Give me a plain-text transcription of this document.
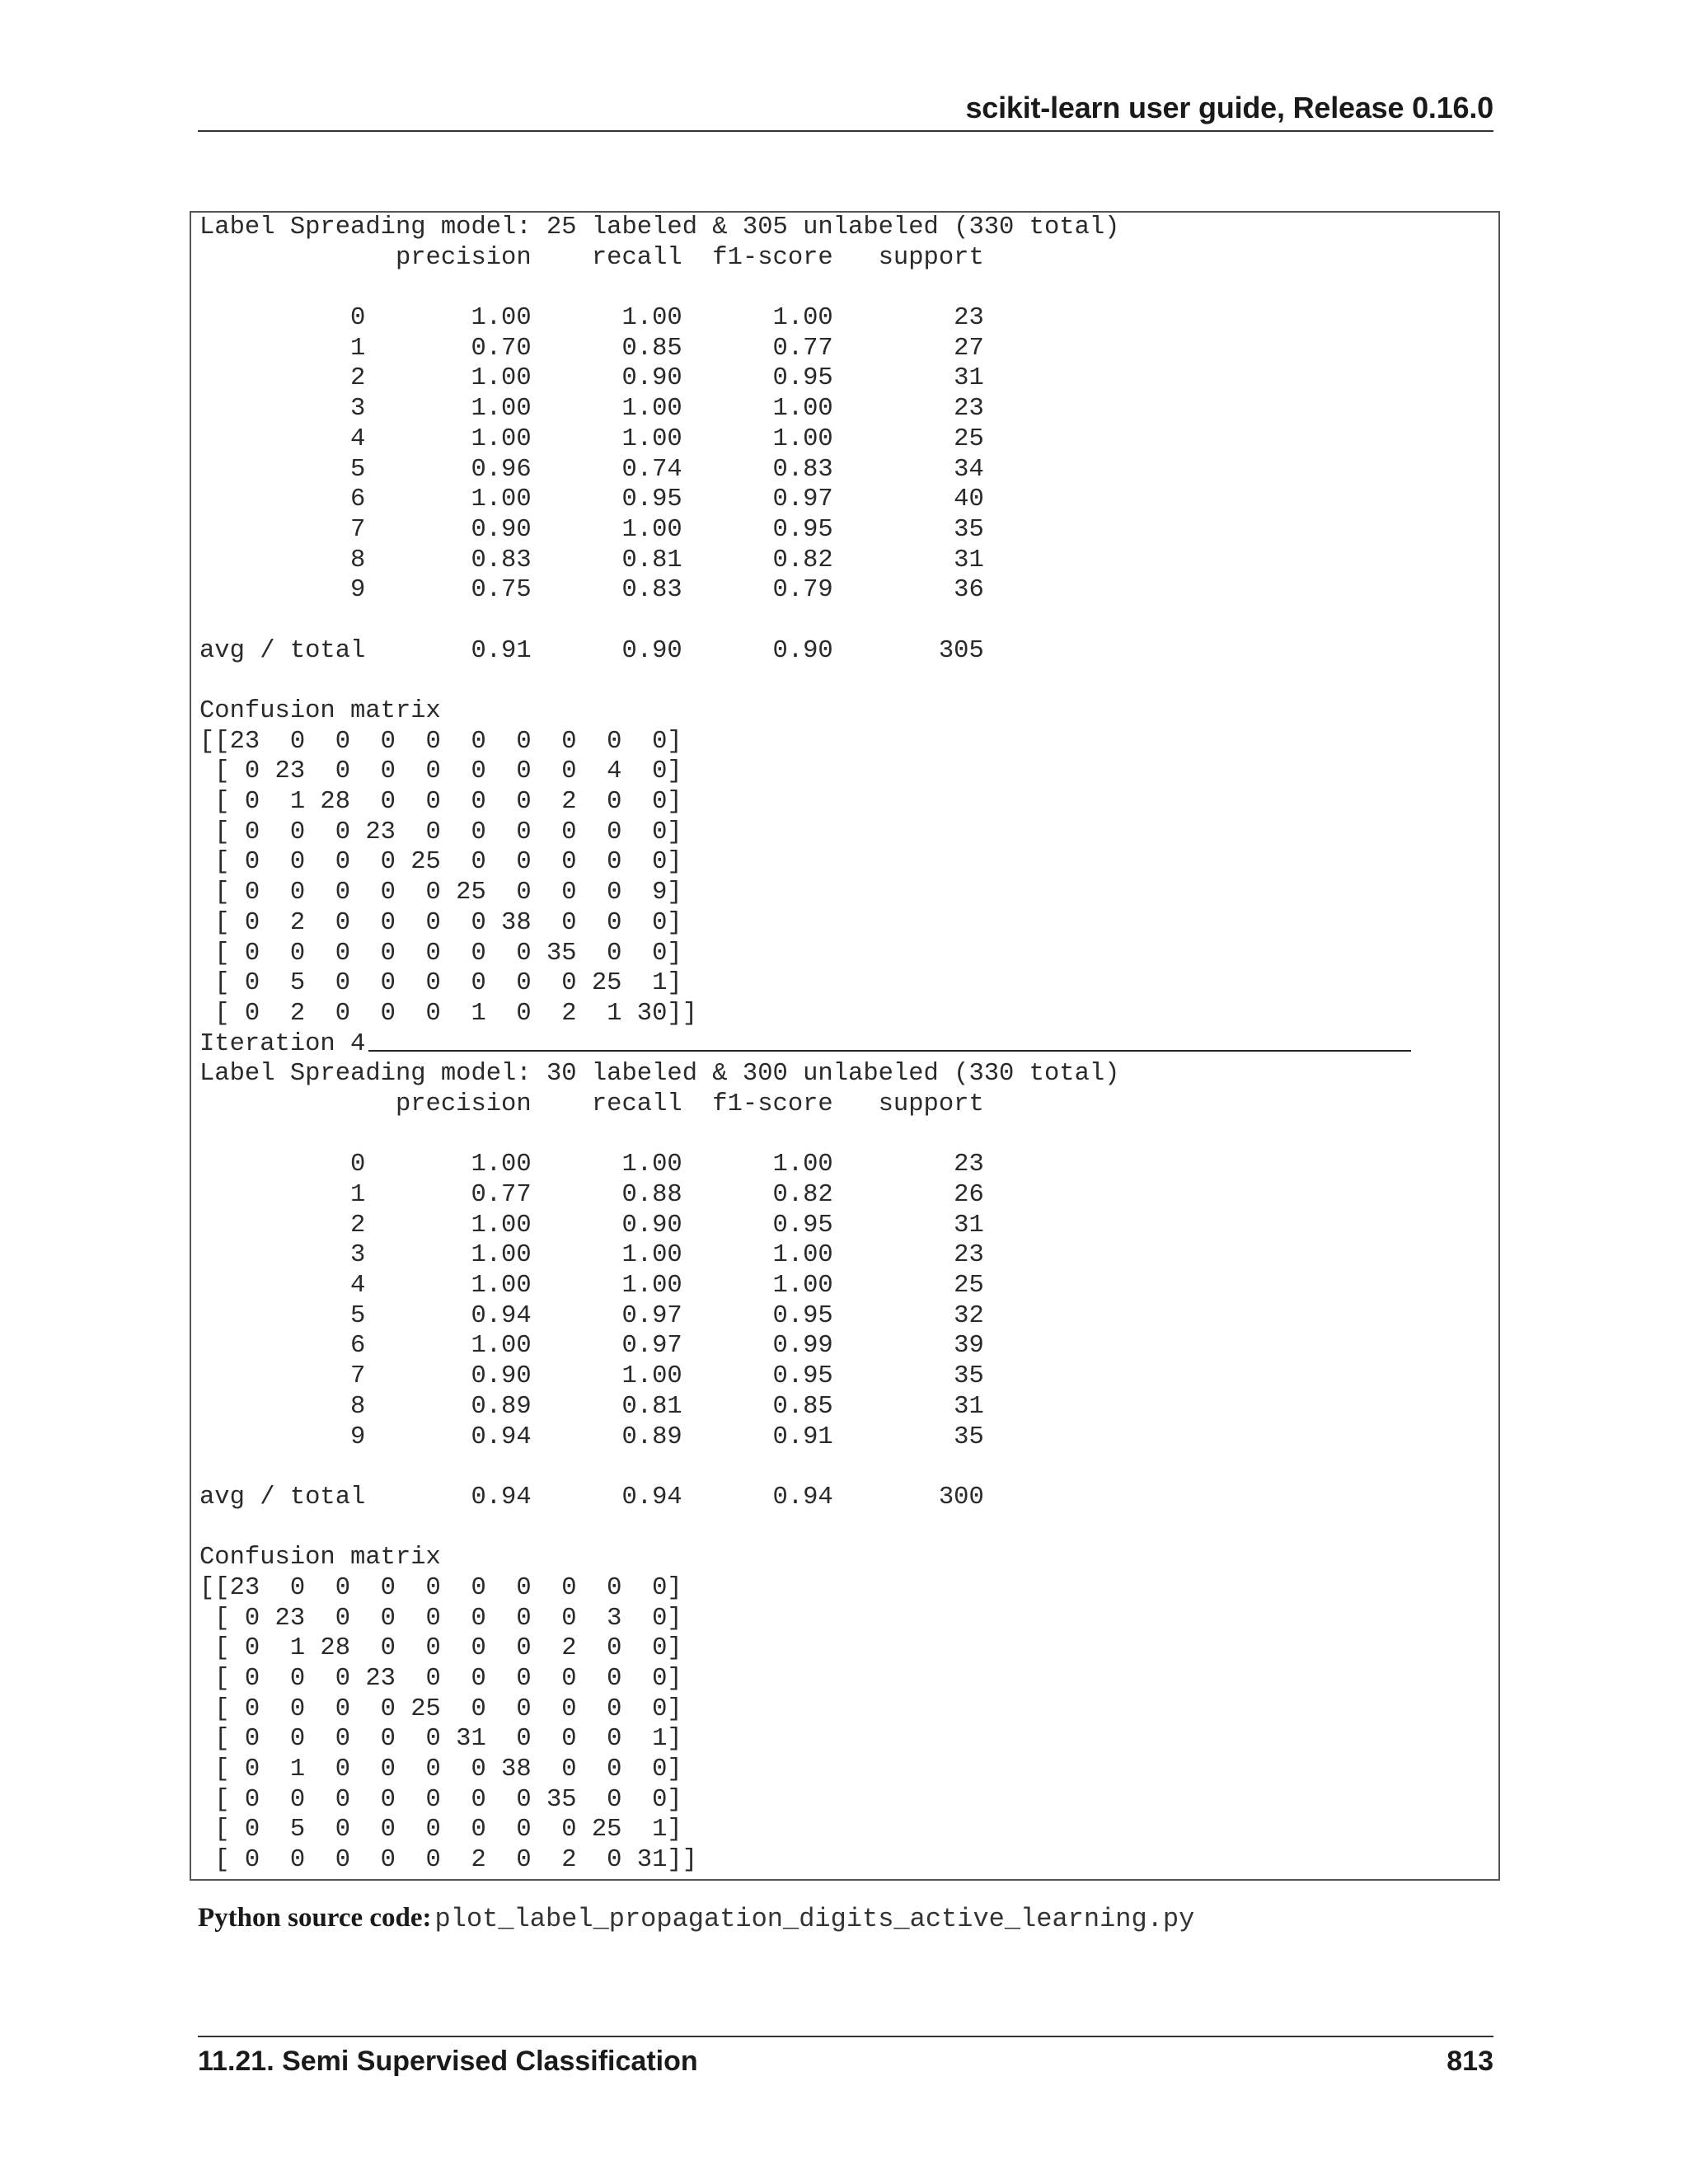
scikit-learn user guide, Release 0.16.0
Label Spreading model: 25 labeled & 305 unlabeled (330 total)
precision    recall  f1-score   support

0       1.00      1.00      1.00        23
1       0.70      0.85      0.77        27
2       1.00      0.90      0.95        31
3       1.00      1.00      1.00        23
4       1.00      1.00      1.00        25
5       0.96      0.74      0.83        34
6       1.00      0.95      0.97        40
7       0.90      1.00      0.95        35
8       0.83      0.81      0.82        31
9       0.75      0.83      0.79        36

avg / total       0.91      0.90      0.90       305

Confusion matrix
[[23  0  0  0  0  0  0  0  0  0]
[ 0 23  0  0  0  0  0  0  4  0]
[ 0  1 28  0  0  0  0  2  0  0]
[ 0  0  0 23  0  0  0  0  0  0]
[ 0  0  0  0 25  0  0  0  0  0]
[ 0  0  0  0  0 25  0  0  0  9]
[ 0  2  0  0  0  0 38  0  0  0]
[ 0  0  0  0  0  0  0 35  0  0]
[ 0  5  0  0  0  0  0  0 25  1]
[ 0  2  0  0  0  1  0  2  1 30]]
Iteration 4
Label Spreading model: 30 labeled & 300 unlabeled (330 total)
precision    recall  f1-score   support

0       1.00      1.00      1.00        23
1       0.77      0.88      0.82        26
2       1.00      0.90      0.95        31
3       1.00      1.00      1.00        23
4       1.00      1.00      1.00        25
5       0.94      0.97      0.95        32
6       1.00      0.97      0.99        39
7       0.90      1.00      0.95        35
8       0.89      0.81      0.85        31
9       0.94      0.89      0.91        35

avg / total       0.94      0.94      0.94       300

Confusion matrix
[[23  0  0  0  0  0  0  0  0  0]
[ 0 23  0  0  0  0  0  0  3  0]
[ 0  1 28  0  0  0  0  2  0  0]
[ 0  0  0 23  0  0  0  0  0  0]
[ 0  0  0  0 25  0  0  0  0  0]
[ 0  0  0  0  0 31  0  0  0  1]
[ 0  1  0  0  0  0 38  0  0  0]
[ 0  0  0  0  0  0  0 35  0  0]
[ 0  5  0  0  0  0  0  0 25  1]
[ 0  0  0  0  0  2  0  2  0 31]]
Python source code: plot_label_propagation_digits_active_learning.py
11.21. Semi Supervised Classification	813
